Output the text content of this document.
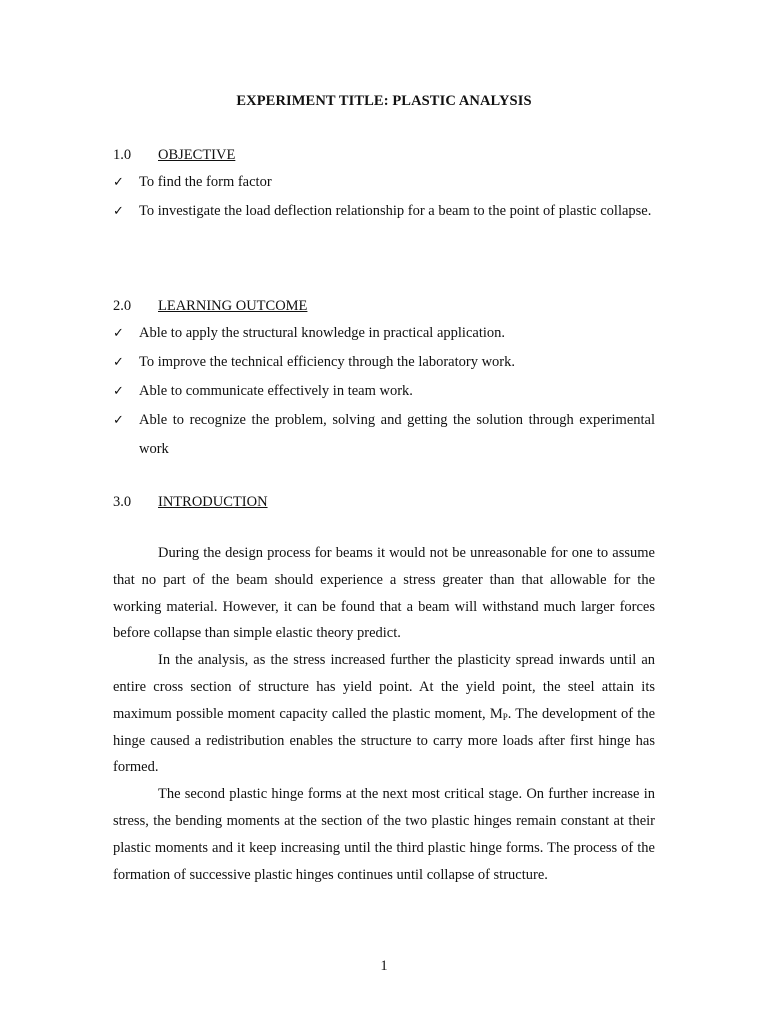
EXPERIMENT TITLE: PLASTIC ANALYSIS
1.0 OBJECTIVE
✓ To find the form factor
✓ To investigate the load deflection relationship for a beam to the point of plastic collapse.
2.0 LEARNING OUTCOME
✓ Able to apply the structural knowledge in practical application.
✓ To improve the technical efficiency through the laboratory work.
✓ Able to communicate effectively in team work.
✓ Able to recognize the problem, solving and getting the solution through experimental work
3.0 INTRODUCTION

During the design process for beams it would not be unreasonable for one to assume that no part of the beam should experience a stress greater than that allowable for the working material. However, it can be found that a beam will withstand much larger forces before collapse than simple elastic theory predict.

In the analysis, as the stress increased further the plasticity spread inwards until an entire cross section of structure has yield point. At the yield point, the steel attain its maximum possible moment capacity called the plastic moment, $M_P$. The development of the hinge caused a redistribution enables the structure to carry more loads after first hinge has formed.

The second plastic hinge forms at the next most critical stage. On further increase in stress, the bending moments at the section of the two plastic hinges remain constant at their plastic moments and it keep increasing until the third plastic hinge forms. The process of the formation of successive plastic hinges continues until collapse of structure.

1
